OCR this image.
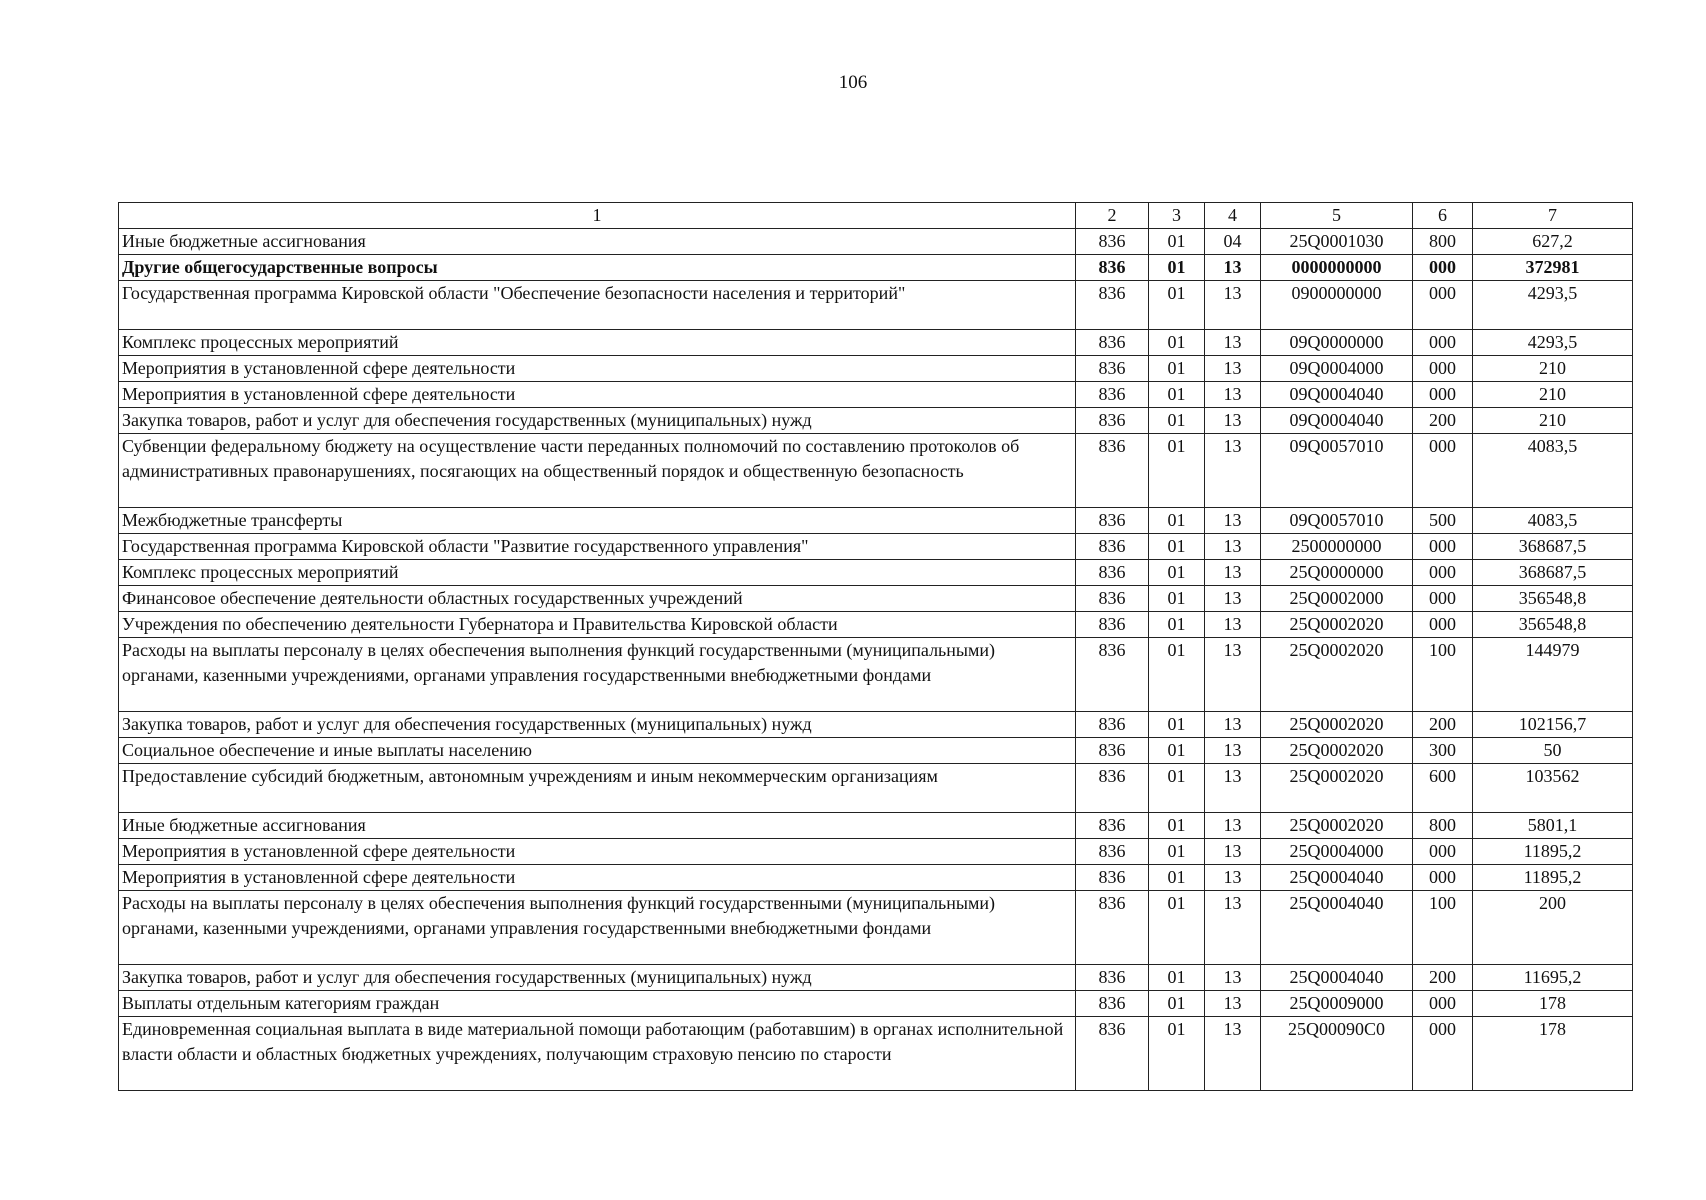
106
1	2	3	4	5	6	7
Иные бюджетные ассигнования	836	01	04	25Q0001030	800	627,2
Другие общегосударственные вопросы	836	01	13	0000000000	000	372981
Государственная программа Кировской области "Обеспечение безопасности населения и территорий"	836	01	13	0900000000	000	4293,5
Комплекс процессных мероприятий	836	01	13	09Q0000000	000	4293,5
Мероприятия в установленной сфере деятельности	836	01	13	09Q0004000	000	210
Мероприятия в установленной сфере деятельности	836	01	13	09Q0004040	000	210
Закупка товаров, работ и услуг для обеспечения государственных (муниципальных) нужд	836	01	13	09Q0004040	200	210
Субвенции федеральному бюджету на осуществление части переданных полномочий по составлению протоколов об административных правонарушениях, посягающих на общественный порядок и общественную безопасность	836	01	13	09Q0057010	000	4083,5
Межбюджетные трансферты	836	01	13	09Q0057010	500	4083,5
Государственная программа Кировской области "Развитие государственного управления"	836	01	13	2500000000	000	368687,5
Комплекс процессных мероприятий	836	01	13	25Q0000000	000	368687,5
Финансовое обеспечение деятельности областных государственных учреждений	836	01	13	25Q0002000	000	356548,8
Учреждения по обеспечению деятельности Губернатора и Правительства Кировской области	836	01	13	25Q0002020	000	356548,8
Расходы на выплаты персоналу в целях обеспечения выполнения функций государственными (муниципальными) органами, казенными учреждениями, органами управления государственными внебюджетными фондами	836	01	13	25Q0002020	100	144979
Закупка товаров, работ и услуг для обеспечения государственных (муниципальных) нужд	836	01	13	25Q0002020	200	102156,7
Социальное обеспечение и иные выплаты населению	836	01	13	25Q0002020	300	50
Предоставление субсидий бюджетным, автономным учреждениям и иным некоммерческим организациям	836	01	13	25Q0002020	600	103562
Иные бюджетные ассигнования	836	01	13	25Q0002020	800	5801,1
Мероприятия в установленной сфере деятельности	836	01	13	25Q0004000	000	11895,2
Мероприятия в установленной сфере деятельности	836	01	13	25Q0004040	000	11895,2
Расходы на выплаты персоналу в целях обеспечения выполнения функций государственными (муниципальными) органами, казенными учреждениями, органами управления государственными внебюджетными фондами	836	01	13	25Q0004040	100	200
Закупка товаров, работ и услуг для обеспечения государственных (муниципальных) нужд	836	01	13	25Q0004040	200	11695,2
Выплаты отдельным категориям граждан	836	01	13	25Q0009000	000	178
Единовременная социальная выплата в виде материальной помощи работающим (работавшим) в органах исполнительной власти области и областных бюджетных учреждениях, получающим страховую пенсию по старости	836	01	13	25Q00090C0	000	178
